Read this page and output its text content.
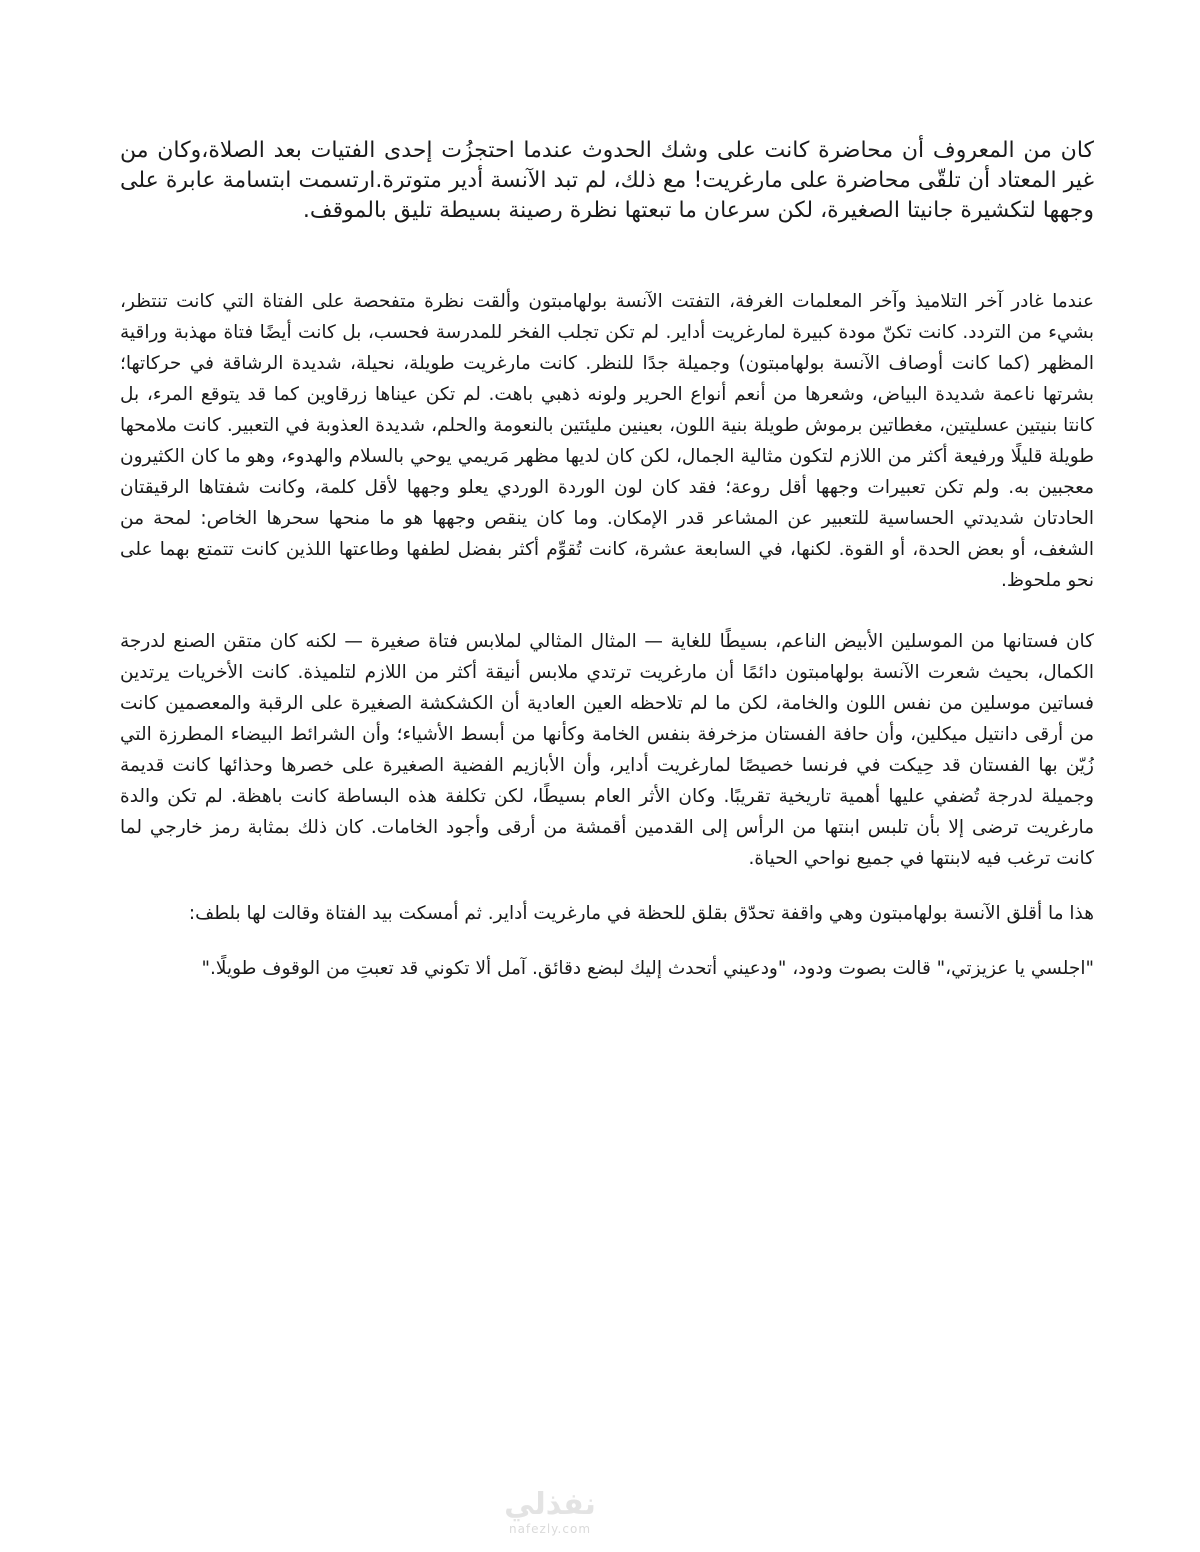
كان من المعروف أن محاضرة كانت على وشك الحدوث عندما احتجزُت إحدى الفتيات بعد الصلاة،وكان من غير المعتاد أن تلقّى محاضرة على مارغريت! مع ذلك، لم تبد الآنسة أدير متوترة.ارتسمت ابتسامة عابرة على وجهها لتكشيرة جانيتا الصغيرة، لكن سرعان ما تبعتها نظرة رصينة بسيطة تليق بالموقف.

عندما غادر آخر التلاميذ وآخر المعلمات الغرفة، التفتت الآنسة بولهامبتون وألقت نظرة متفحصة على الفتاة التي كانت تنتظر، بشيء من التردد. كانت تكنّ مودة كبيرة لمارغريت أداير. لم تكن تجلب الفخر للمدرسة فحسب، بل كانت أيضًا فتاة مهذبة وراقية المظهر (كما كانت أوصاف الآنسة بولهامبتون) وجميلة جدًا للنظر. كانت مارغريت طويلة، نحيلة، شديدة الرشاقة في حركاتها؛ بشرتها ناعمة شديدة البياض، وشعرها من أنعم أنواع الحرير ولونه ذهبي باهت. لم تكن عيناها زرقاوين كما قد يتوقع المرء، بل كانتا بنيتين عسليتين، مغطاتين برموش طويلة بنية اللون، بعينين مليئتين بالنعومة والحلم، شديدة العذوبة في التعبير. كانت ملامحها طويلة قليلًا ورفيعة أكثر من اللازم لتكون مثالية الجمال، لكن كان لديها مظهر مَريمي يوحي بالسلام والهدوء، وهو ما كان الكثيرون معجبين به. ولم تكن تعبيرات وجهها أقل روعة؛ فقد كان لون الوردة الوردي يعلو وجهها لأقل كلمة، وكانت شفتاها الرقيقتان الحادتان شديدتي الحساسية للتعبير عن المشاعر قدر الإمكان. وما كان ينقص وجهها هو ما منحها سحرها الخاص: لمحة من الشغف، أو بعض الحدة، أو القوة. لكنها، في السابعة عشرة، كانت تُقوِّم أكثر بفضل لطفها وطاعتها اللذين كانت تتمتع بهما على نحو ملحوظ.

كان فستانها من الموسلين الأبيض الناعم، بسيطًا للغاية — المثال المثالي لملابس فتاة صغيرة — لكنه كان متقن الصنع لدرجة الكمال، بحيث شعرت الآنسة بولهامبتون دائمًا أن مارغريت ترتدي ملابس أنيقة أكثر من اللازم لتلميذة. كانت الأخريات يرتدين فساتين موسلين من نفس اللون والخامة، لكن ما لم تلاحظه العين العادية أن الكشكشة الصغيرة على الرقبة والمعصمين كانت من أرقى دانتيل ميكلين، وأن حافة الفستان مزخرفة بنفس الخامة وكأنها من أبسط الأشياء؛ وأن الشرائط البيضاء المطرزة التي زُيّن بها الفستان قد حِيكت في فرنسا خصيصًا لمارغريت أداير، وأن الأبازيم الفضية الصغيرة على خصرها وحذائها كانت قديمة وجميلة لدرجة تُضفي عليها أهمية تاريخية تقريبًا. وكان الأثر العام بسيطًا، لكن تكلفة هذه البساطة كانت باهظة. لم تكن والدة مارغريت ترضى إلا بأن تلبس ابنتها من الرأس إلى القدمين أقمشة من أرقى وأجود الخامات. كان ذلك بمثابة رمز خارجي لما كانت ترغب فيه لابنتها في جميع نواحي الحياة.

هذا ما أقلق الآنسة بولهامبتون وهي واقفة تحدّق بقلق للحظة في مارغريت أداير. ثم أمسكت بيد الفتاة وقالت لها بلطف:

"اجلسي يا عزيزتي،" قالت بصوت ودود، "ودعيني أتحدث إليك لبضع دقائق. آمل ألا تكوني قد تعبتِ من الوقوف طويلًا."

نفذلي
nafezly.com
